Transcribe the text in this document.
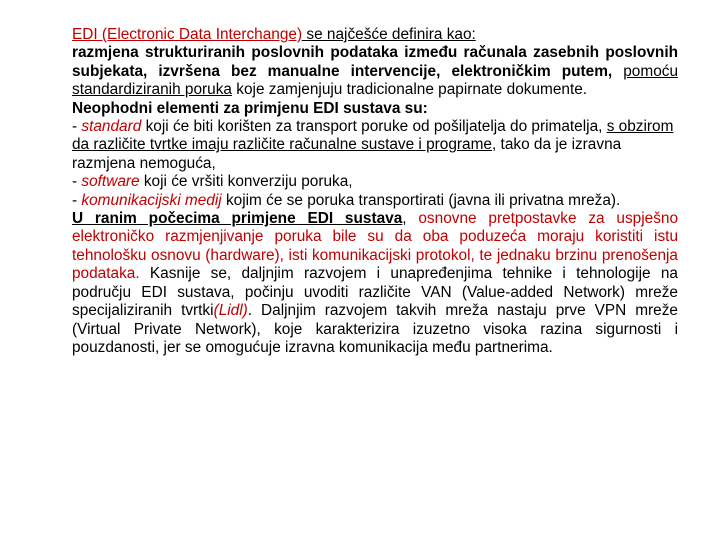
EDI (Electronic Data Interchange) se najčešće definira kao:

razmjena strukturiranih poslovnih podataka između računala zasebnih poslovnih subjekata, izvršena bez manualne intervencije, elektroničkim putem, pomoću standardiziranih poruka koje zamjenjuju tradicionalne papirnate dokumente.

Neophodni elementi za primjenu EDI sustava su:

- standard koji će biti korišten za transport poruke od pošiljatelja do primatelja, s obzirom da različite tvrtke imaju različite računalne sustave i programe, tako da je izravna razmjena nemoguća,

- software koji će vršiti konverziju poruka,

- komunikacijski medij kojim će se poruka transportirati (javna ili privatna mreža).

U ranim počecima primjene EDI sustava, osnovne pretpostavke za uspješno elektroničko razmjenjivanje poruka bile su da oba poduzeća moraju koristiti istu tehnološku osnovu (hardware), isti komunikacijski protokol, te jednaku brzinu prenošenja podataka. Kasnije se, daljnjim razvojem i unapređenjima tehnike i tehnologije na području EDI sustava, počinju uvoditi različite VAN (Value-added Network) mreže specijaliziranih tvrtki(Lidl). Daljnjim razvojem takvih mreža nastaju prve VPN mreže (Virtual Private Network), koje karakterizira izuzetno visoka razina sigurnosti i pouzdanosti, jer se omogućuje izravna komunikacija među partnerima.
